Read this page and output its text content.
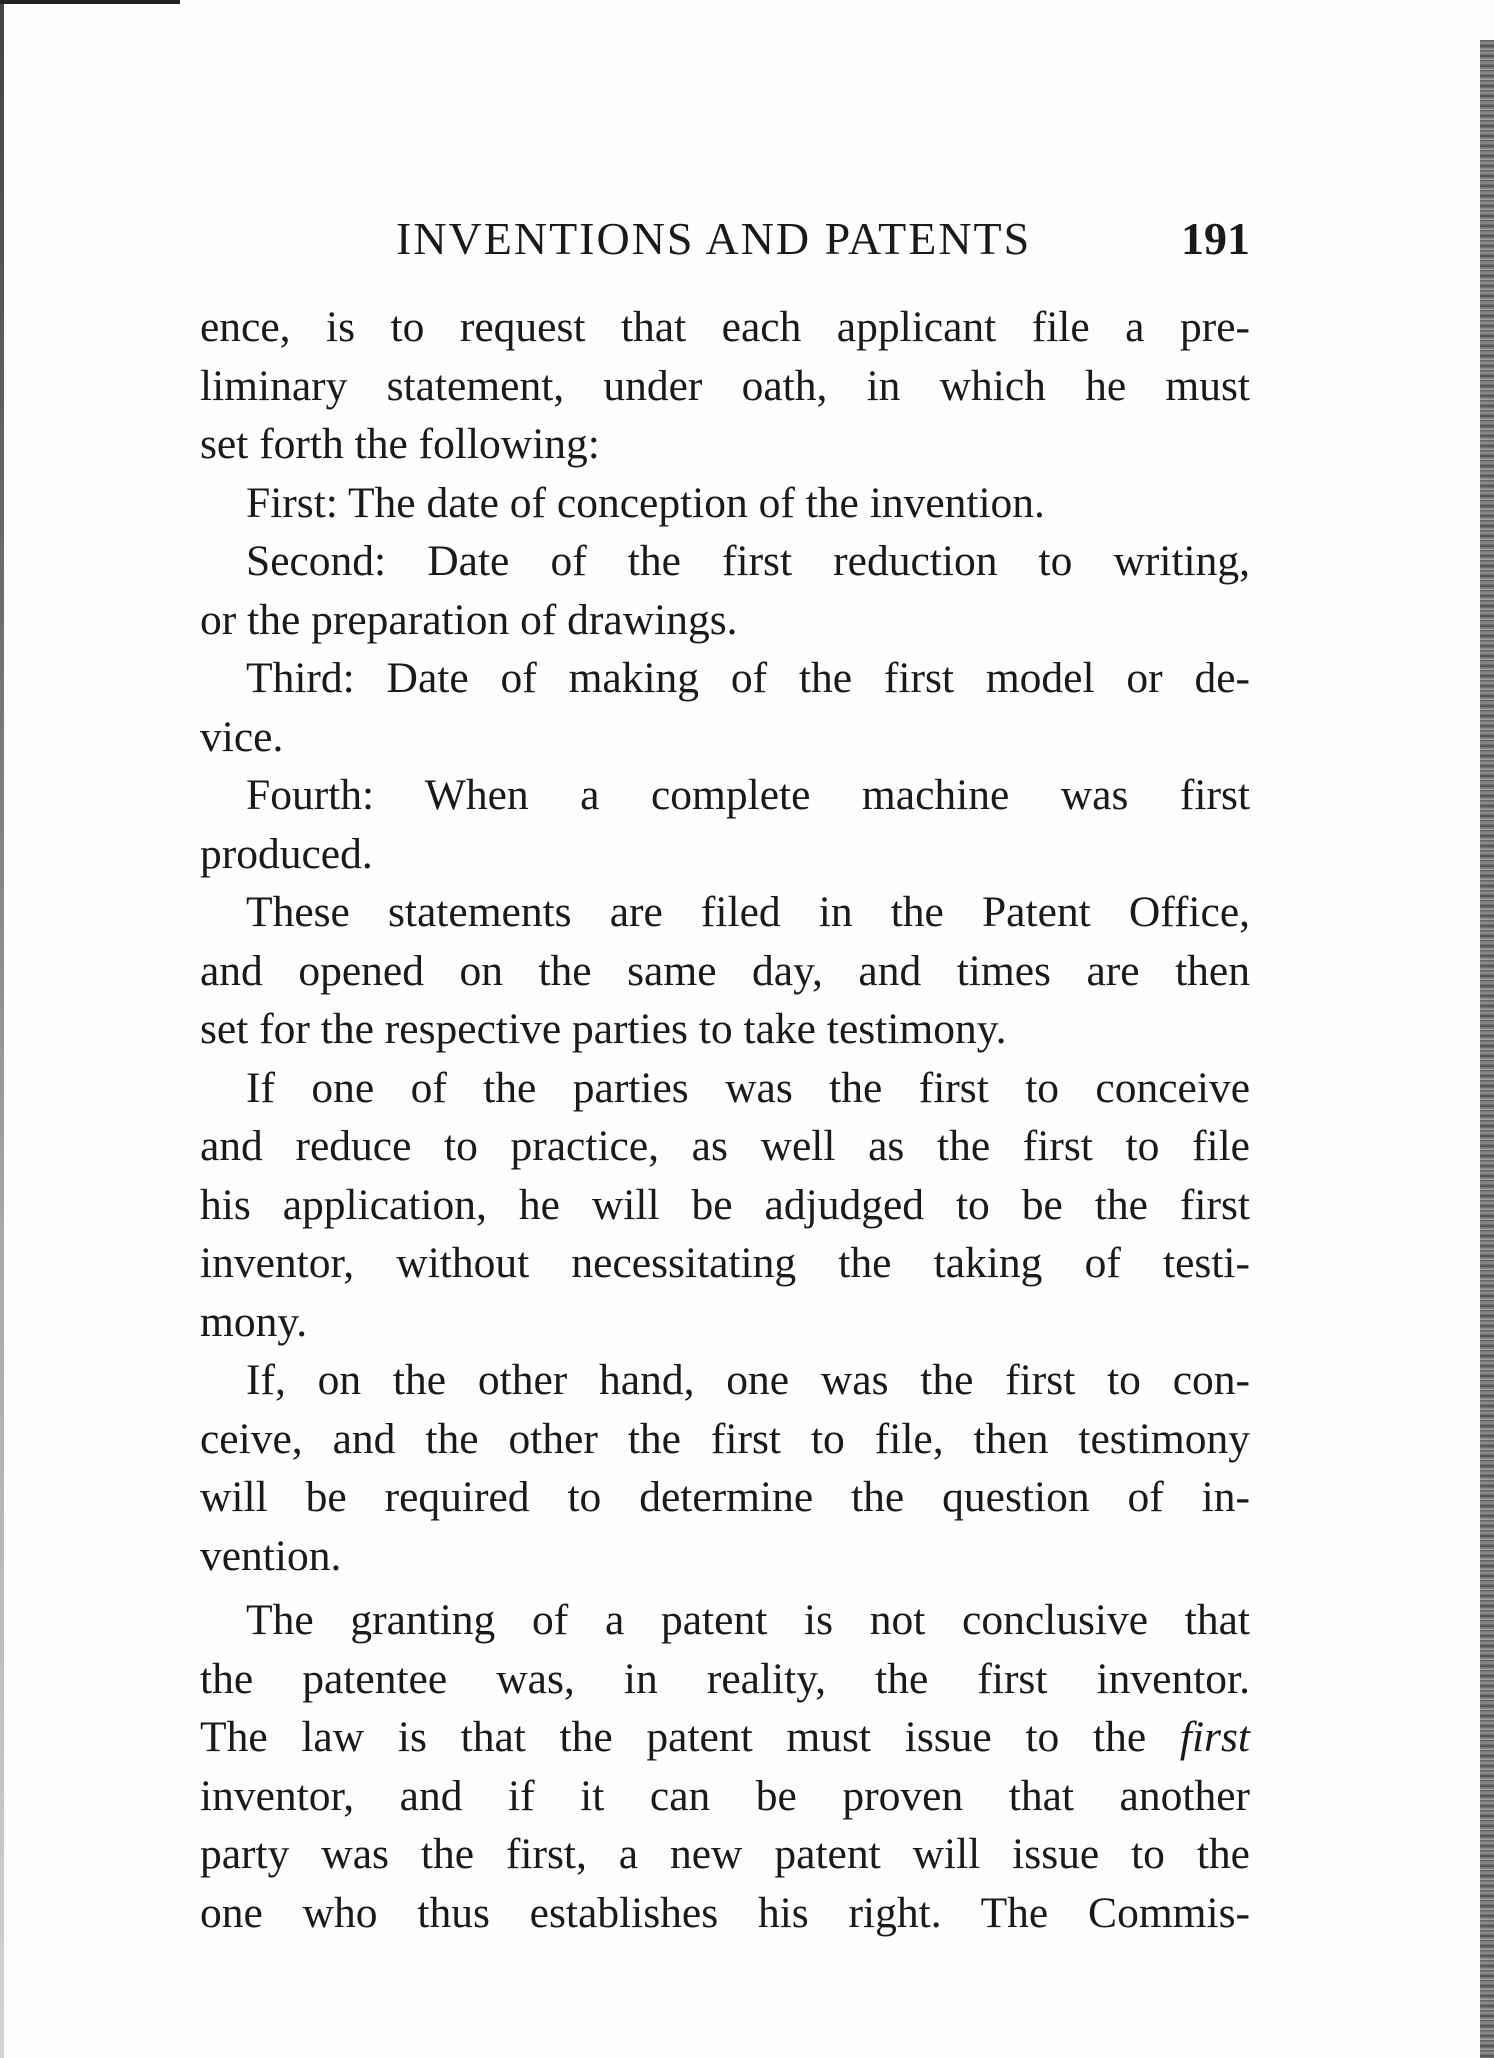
INVENTIONS AND PATENTS	191
ence, is to request that each applicant file a pre-
liminary statement, under oath, in which he must
set forth the following:
First: The date of conception of the invention.
Second: Date of the first reduction to writing,
or the preparation of drawings.
Third: Date of making of the first model or de-
vice.
Fourth: When a complete machine was first
produced.
These statements are filed in the Patent Office,
and opened on the same day, and times are then
set for the respective parties to take testimony.
If one of the parties was the first to conceive
and reduce to practice, as well as the first to file
his application, he will be adjudged to be the first
inventor, without necessitating the taking of testi-
mony.
If, on the other hand, one was the first to con-
ceive, and the other the first to file, then testimony
will be required to determine the question of in-
vention.
The granting of a patent is not conclusive that
the patentee was, in reality, the first inventor.
The law is that the patent must issue to the first
inventor, and if it can be proven that another
party was the first, a new patent will issue to the
one who thus establishes his right. The Commis-
